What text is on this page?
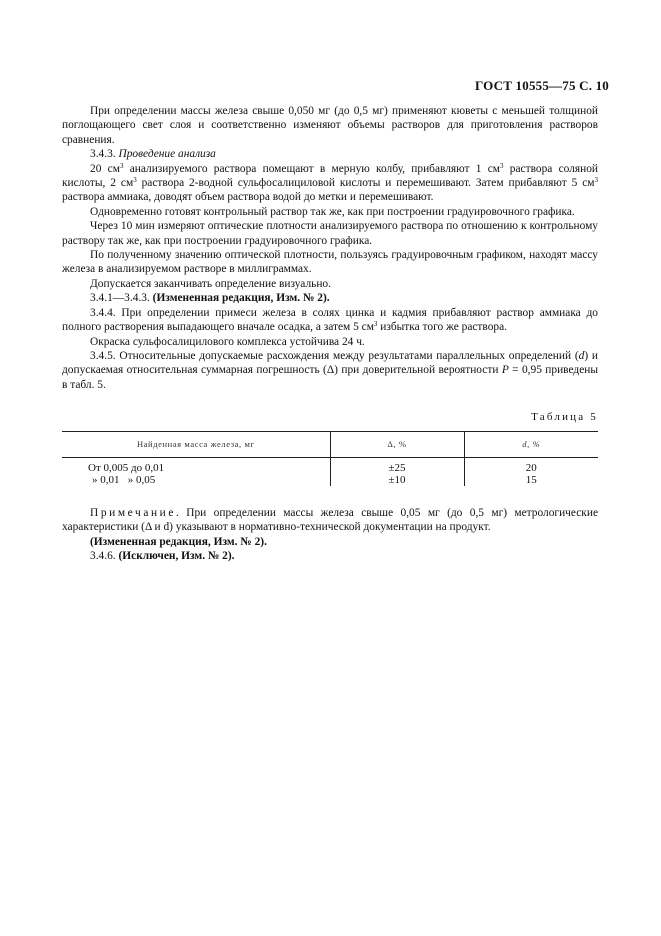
ГОСТ 10555—75 С. 10

При определении массы железа свыше 0,050 мг (до 0,5 мг) применяют кюветы с меньшей толщиной поглощающего свет слоя и соответственно изменяют объемы растворов для приготовления растворов сравнения.

3.4.3. Проведение анализа

20 $см^3$ анализируемого раствора помещают в мерную колбу, прибавляют 1 $см^3$ раствора соляной кислоты, 2 $см^3$ раствора 2-водной сульфосалициловой кислоты и перемешивают. Затем прибавляют 5 $см^3$ раствора аммиака, доводят объем раствора водой до метки и перемешивают.

Одновременно готовят контрольный раствор так же, как при построении градуировочного графика.

Через 10 мин измеряют оптические плотности анализируемого раствора по отношению к контрольному раствору так же, как при построении градуировочного графика.

По полученному значению оптической плотности, пользуясь градуировочным графиком, находят массу железа в анализируемом растворе в миллиграммах.

Допускается заканчивать определение визуально.

3.4.1—3.4.3. (Измененная редакция, Изм. № 2).

3.4.4. При определении примеси железа в солях цинка и кадмия прибавляют раствор аммиака до полного растворения выпадающего вначале осадка, а затем 5 $см^3$ избытка того же раствора.

Окраска сульфосалицилового комплекса устойчива 24 ч.

3.4.5. Относительные допускаемые расхождения между результатами параллельных определений (d) и допускаемая относительная суммарная погрешность (Δ) при доверительной вероятности P = 0,95 приведены в табл. 5.

Таблица 5
Найденная масса железа, мг	Δ, %	d, %
От 0,005 до 0,01	±25	20
» 0,01   » 0,05	±10	15

Примечание. При определении массы железа свыше 0,05 мг (до 0,5 мг) метрологические характеристики (Δ и d) указывают в нормативно-технической документации на продукт.

(Измененная редакция, Изм. № 2).

3.4.6. (Исключен, Изм. № 2).
